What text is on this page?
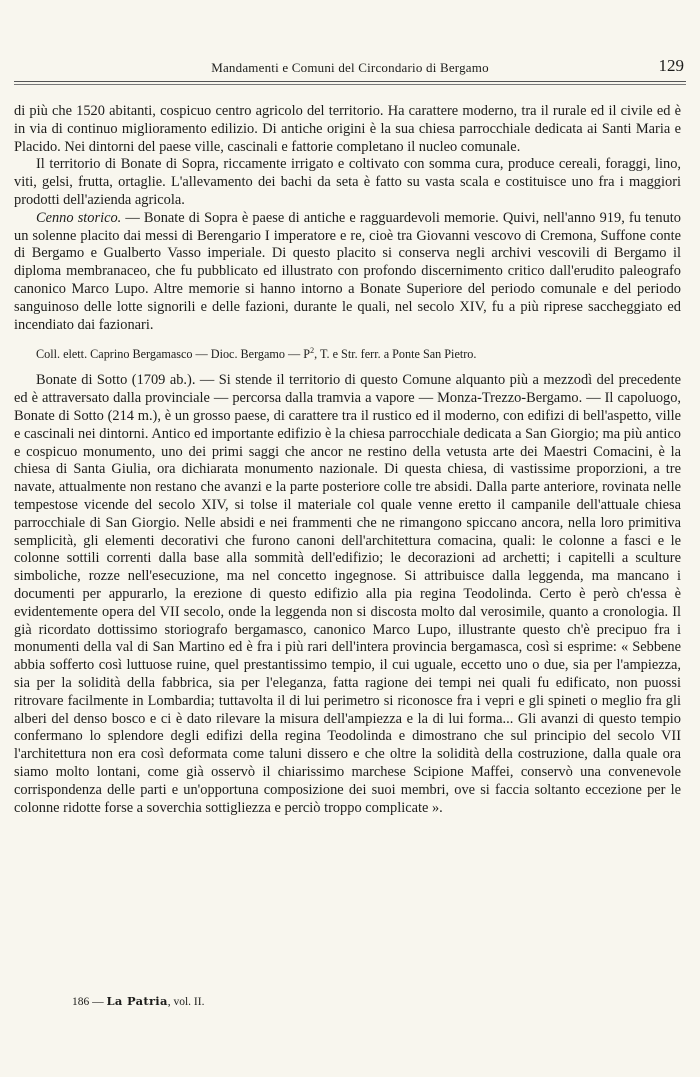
Mandamenti e Comuni del Circondario di Bergamo	129

di più che 1520 abitanti, cospicuo centro agricolo del territorio. Ha carattere moderno, tra il rurale ed il civile ed è in via di continuo miglioramento edilizio. Di antiche origini è la sua chiesa parrocchiale dedicata ai Santi Maria e Placido. Nei dintorni del paese ville, cascinali e fattorie completano il nucleo comunale.

Il territorio di Bonate di Sopra, riccamente irrigato e coltivato con somma cura, produce cereali, foraggi, lino, viti, gelsi, frutta, ortaglie. L'allevamento dei bachi da seta è fatto su vasta scala e costituisce uno fra i maggiori prodotti dell'azienda agricola.

Cenno storico. — Bonate di Sopra è paese di antiche e ragguardevoli memorie. Quivi, nell'anno 919, fu tenuto un solenne placito dai messi di Berengario I imperatore e re, cioè tra Giovanni vescovo di Cremona, Suffone conte di Bergamo e Gualberto Vasso imperiale. Di questo placito si conserva negli archivi vescovili di Bergamo il diploma membranaceo, che fu pubblicato ed illustrato con profondo discernimento critico dall'erudito paleografo canonico Marco Lupo. Altre memorie si hanno intorno a Bonate Superiore del periodo comunale e del periodo sanguinoso delle lotte signorili e delle fazioni, durante le quali, nel secolo XIV, fu a più riprese saccheggiato ed incendiato dai fazionari.

Coll. elett. Caprino Bergamasco — Dioc. Bergamo — $P^2$, T. e Str. ferr. a Ponte San Pietro.

Bonate di Sotto (1709 ab.). — Si stende il territorio di questo Comune alquanto più a mezzodì del precedente ed è attraversato dalla provinciale — percorsa dalla tramvia a vapore — Monza-Trezzo-Bergamo. — Il capoluogo, Bonate di Sotto (214 m.), è un grosso paese, di carattere tra il rustico ed il moderno, con edifizi di bell'aspetto, ville e cascinali nei dintorni. Antico ed importante edifizio è la chiesa parrocchiale dedicata a San Giorgio; ma più antico e cospicuo monumento, uno dei primi saggi che ancor ne restino della vetusta arte dei Maestri Comacini, è la chiesa di Santa Giulia, ora dichiarata monumento nazionale. Di questa chiesa, di vastissime proporzioni, a tre navate, attualmente non restano che avanzi e la parte posteriore colle tre absidi. Dalla parte anteriore, rovinata nelle tempestose vicende del secolo XIV, si tolse il materiale col quale venne eretto il campanile dell'attuale chiesa parrocchiale di San Giorgio. Nelle absidi e nei frammenti che ne rimangono spiccano ancora, nella loro primitiva semplicità, gli elementi decorativi che furono canoni dell'architettura comacina, quali: le colonne a fasci e le colonne sottili correnti dalla base alla sommità dell'edifizio; le decorazioni ad archetti; i capitelli a sculture simboliche, rozze nell'esecuzione, ma nel concetto ingegnose. Si attribuisce dalla leggenda, ma mancano i documenti per appurarlo, la erezione di questo edifizio alla pia regina Teodolinda. Certo è però ch'essa è evidentemente opera del VII secolo, onde la leggenda non si discosta molto dal verosimile, quanto a cronologia. Il già ricordato dottissimo storiografo bergamasco, canonico Marco Lupo, illustrante questo ch'è precipuo fra i monumenti della val di San Martino ed è fra i più rari dell'intera provincia bergamasca, così si esprime: « Sebbene abbia sofferto così luttuose ruine, quel prestantissimo tempio, il cui uguale, eccetto uno o due, sia per l'ampiezza, sia per la solidità della fabbrica, sia per l'eleganza, fatta ragione dei tempi nei quali fu edificato, non puossi ritrovare facilmente in Lombardia; tuttavolta il di lui perimetro si riconosce fra i vepri e gli spineti o meglio fra gli alberi del denso bosco e ci è dato rilevare la misura dell'ampiezza e la di lui forma... Gli avanzi di questo tempio confermano lo splendore degli edifizi della regina Teodolinda e dimostrano che sul principio del secolo VII l'architettura non era così deformata come taluni dissero e che oltre la solidità della costruzione, dalla quale ora siamo molto lontani, come già osservò il chiarissimo marchese Scipione Maffei, conservò una convenevole corrispondenza delle parti e un'opportuna composizione dei suoi membri, ove si faccia soltanto eccezione per le colonne ridotte forse a soverchia sottigliezza e perciò troppo complicate ».

186 — La Patria, vol. II.
